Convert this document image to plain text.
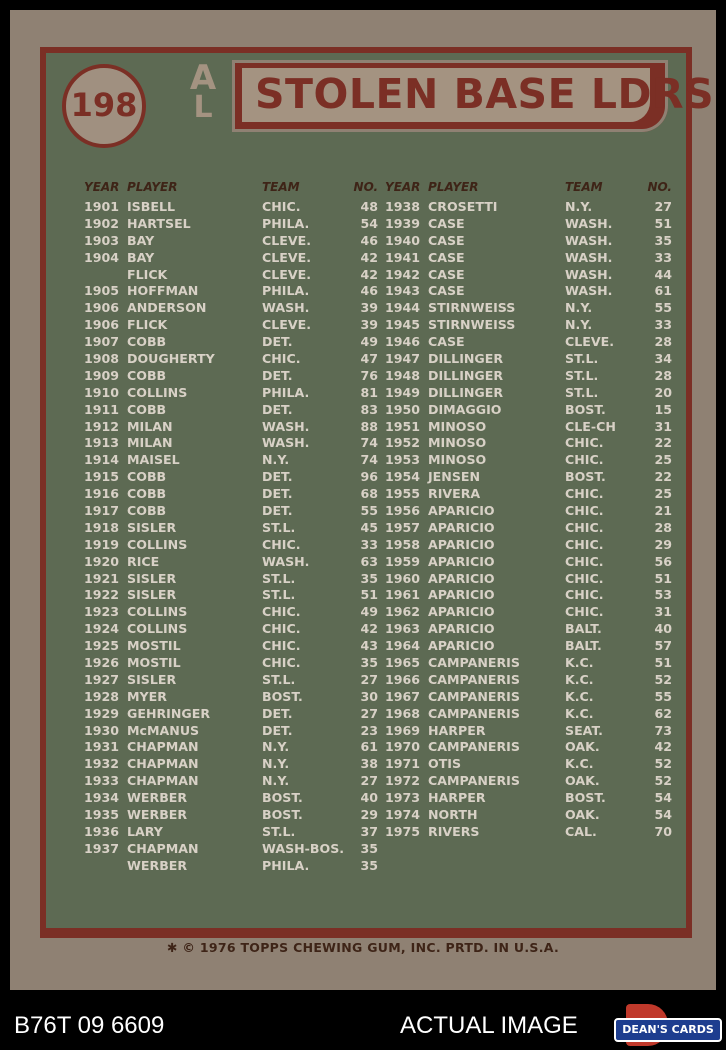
STOLEN BASE LDRS
198
A
L
YEAR	PLAYER	TEAM	NO.
1901	ISBELL	CHIC.	48
1902	HARTSEL	PHILA.	54
1903	BAY	CLEVE.	46
1904	BAY	CLEVE.	42
	FLICK	CLEVE.	42
1905	HOFFMAN	PHILA.	46
1906	ANDERSON	WASH.	39
1906	FLICK	CLEVE.	39
1907	COBB	DET.	49
1908	DOUGHERTY	CHIC.	47
1909	COBB	DET.	76
1910	COLLINS	PHILA.	81
1911	COBB	DET.	83
1912	MILAN	WASH.	88
1913	MILAN	WASH.	74
1914	MAISEL	N.Y.	74
1915	COBB	DET.	96
1916	COBB	DET.	68
1917	COBB	DET.	55
1918	SISLER	ST.L.	45
1919	COLLINS	CHIC.	33
1920	RICE	WASH.	63
1921	SISLER	ST.L.	35
1922	SISLER	ST.L.	51
1923	COLLINS	CHIC.	49
1924	COLLINS	CHIC.	42
1925	MOSTIL	CHIC.	43
1926	MOSTIL	CHIC.	35
1927	SISLER	ST.L.	27
1928	MYER	BOST.	30
1929	GEHRINGER	DET.	27
1930	McMANUS	DET.	23
1931	CHAPMAN	N.Y.	61
1932	CHAPMAN	N.Y.	38
1933	CHAPMAN	N.Y.	27
1934	WERBER	BOST.	40
1935	WERBER	BOST.	29
1936	LARY	ST.L.	37
1937	CHAPMAN	WASH-BOS.	35
	WERBER	PHILA.	35
YEAR	PLAYER	TEAM	NO.
1938	CROSETTI	N.Y.	27
1939	CASE	WASH.	51
1940	CASE	WASH.	35
1941	CASE	WASH.	33
1942	CASE	WASH.	44
1943	CASE	WASH.	61
1944	STIRNWEISS	N.Y.	55
1945	STIRNWEISS	N.Y.	33
1946	CASE	CLEVE.	28
1947	DILLINGER	ST.L.	34
1948	DILLINGER	ST.L.	28
1949	DILLINGER	ST.L.	20
1950	DIMAGGIO	BOST.	15
1951	MINOSO	CLE-CH	31
1952	MINOSO	CHIC.	22
1953	MINOSO	CHIC.	25
1954	JENSEN	BOST.	22
1955	RIVERA	CHIC.	25
1956	APARICIO	CHIC.	21
1957	APARICIO	CHIC.	28
1958	APARICIO	CHIC.	29
1959	APARICIO	CHIC.	56
1960	APARICIO	CHIC.	51
1961	APARICIO	CHIC.	53
1962	APARICIO	CHIC.	31
1963	APARICIO	BALT.	40
1964	APARICIO	BALT.	57
1965	CAMPANERIS	K.C.	51
1966	CAMPANERIS	K.C.	52
1967	CAMPANERIS	K.C.	55
1968	CAMPANERIS	K.C.	62
1969	HARPER	SEAT.	73
1970	CAMPANERIS	OAK.	42
1971	OTIS	K.C.	52
1972	CAMPANERIS	OAK.	52
1973	HARPER	BOST.	54
1974	NORTH	OAK.	54
1975	RIVERS	CAL.	70
✱ © 1976 TOPPS CHEWING GUM, INC. PRTD. IN U.S.A.
B76T 09 6609	ACTUAL IMAGE	DEAN'S CARDS
